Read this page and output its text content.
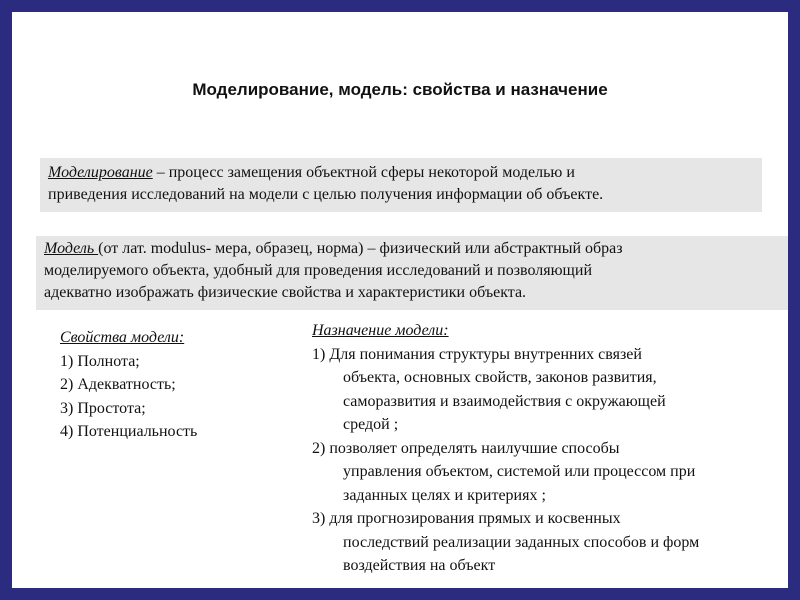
Моделирование, модель: свойства и назначение
Моделирование – процесс замещения объектной сферы некоторой моделью и
приведения исследований на модели с целью получения информации об объекте.
Модель (от лат. modulus- мера, образец, норма) – физический или абстрактный образ
моделируемого объекта, удобный для проведения исследований и позволяющий
адекватно изображать физические свойства и характеристики объекта.
Свойства модели:
1) Полнота;
2) Адекватность;
3) Простота;
4) Потенциальность
Назначение модели:
1) Для понимания структуры внутренних связей
объекта, основных свойств, законов развития,
саморазвития и взаимодействия с окружающей
средой ;
2) позволяет определять наилучшие способы
управления объектом, системой или процессом при
заданных целях и критериях ;
3) для прогнозирования прямых и косвенных
последствий реализации заданных способов и форм
воздействия на объект
